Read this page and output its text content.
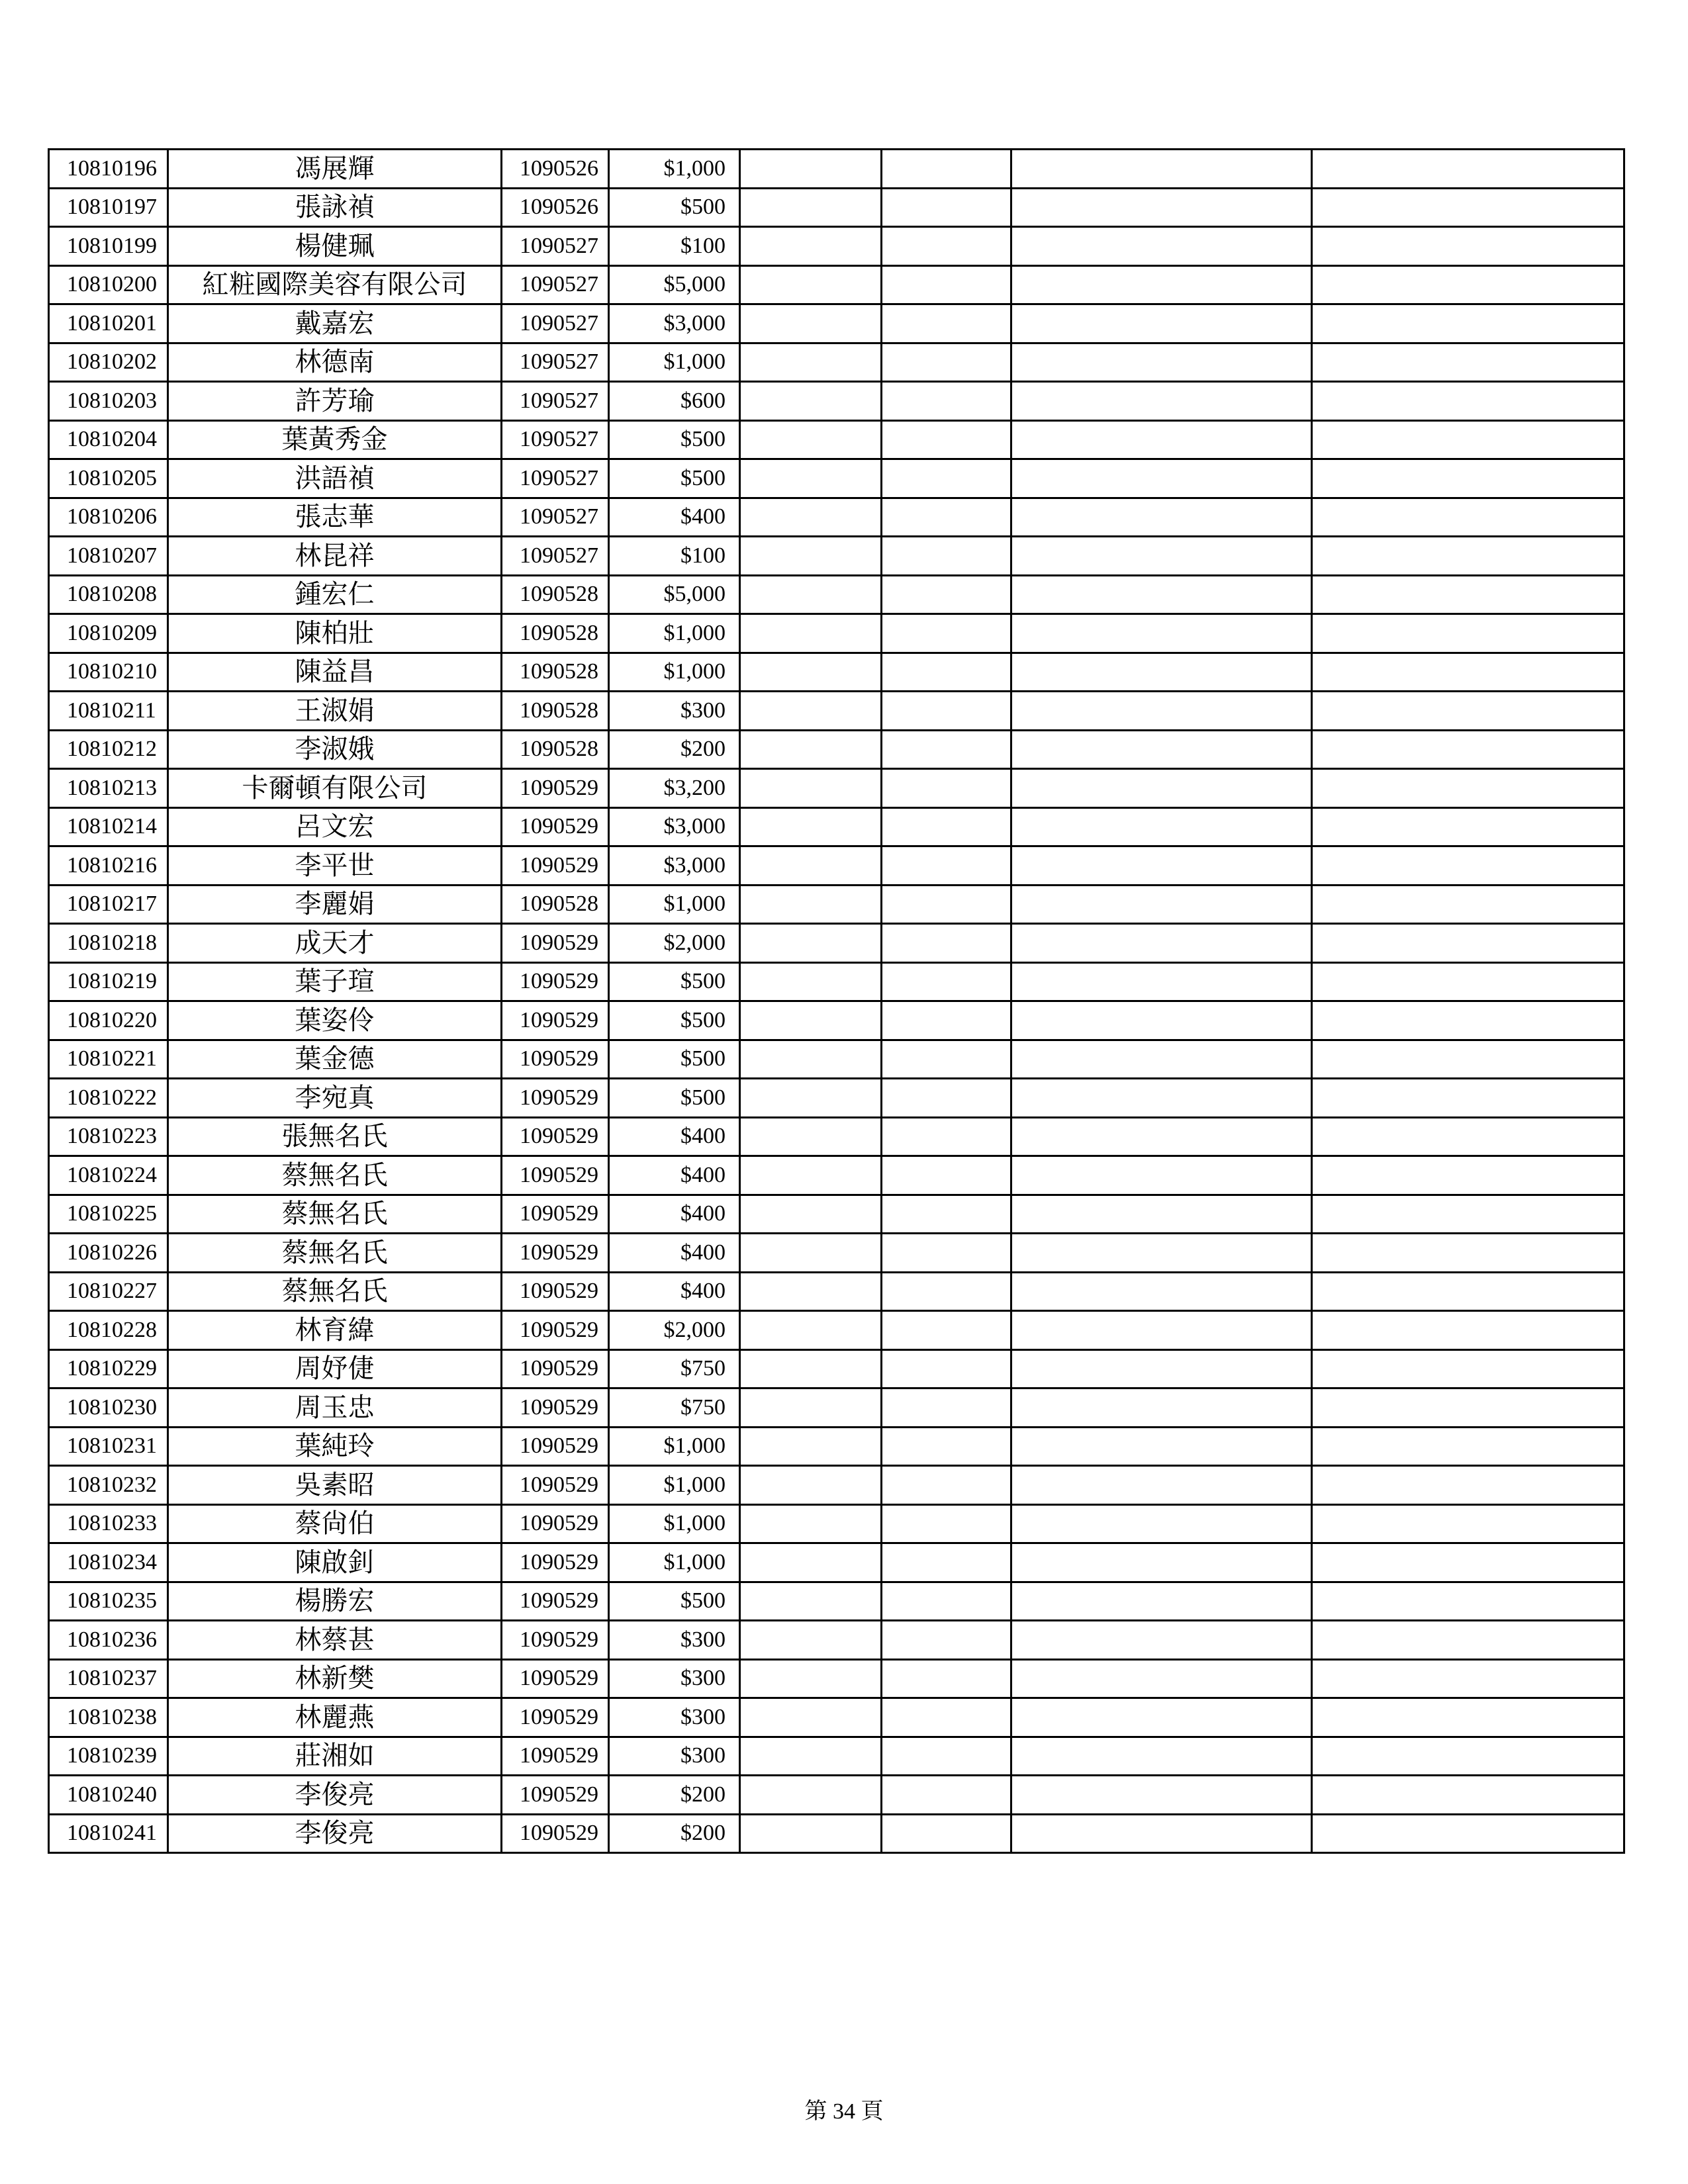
10810196	馮展輝	1090526	$1,000				
10810197	張詠禎	1090526	$500				
10810199	楊健珮	1090527	$100				
10810200	紅粧國際美容有限公司	1090527	$5,000				
10810201	戴嘉宏	1090527	$3,000				
10810202	林德南	1090527	$1,000				
10810203	許芳瑜	1090527	$600				
10810204	葉黃秀金	1090527	$500				
10810205	洪語禎	1090527	$500				
10810206	張志華	1090527	$400				
10810207	林昆祥	1090527	$100				
10810208	鍾宏仁	1090528	$5,000				
10810209	陳柏壯	1090528	$1,000				
10810210	陳益昌	1090528	$1,000				
10810211	王淑娟	1090528	$300				
10810212	李淑娥	1090528	$200				
10810213	卡爾頓有限公司	1090529	$3,200				
10810214	呂文宏	1090529	$3,000				
10810216	李平世	1090529	$3,000				
10810217	李麗娟	1090528	$1,000				
10810218	成天才	1090529	$2,000				
10810219	葉子瑄	1090529	$500				
10810220	葉姿伶	1090529	$500				
10810221	葉金德	1090529	$500				
10810222	李宛真	1090529	$500				
10810223	張無名氏	1090529	$400				
10810224	蔡無名氏	1090529	$400				
10810225	蔡無名氏	1090529	$400				
10810226	蔡無名氏	1090529	$400				
10810227	蔡無名氏	1090529	$400				
10810228	林育緯	1090529	$2,000				
10810229	周妤倢	1090529	$750				
10810230	周玉忠	1090529	$750				
10810231	葉純玲	1090529	$1,000				
10810232	吳素昭	1090529	$1,000				
10810233	蔡尙伯	1090529	$1,000				
10810234	陳啟釗	1090529	$1,000				
10810235	楊勝宏	1090529	$500				
10810236	林蔡甚	1090529	$300				
10810237	林新樊	1090529	$300				
10810238	林麗燕	1090529	$300				
10810239	莊湘如	1090529	$300				
10810240	李俊亮	1090529	$200				
10810241	李俊亮	1090529	$200				
第 34 頁
